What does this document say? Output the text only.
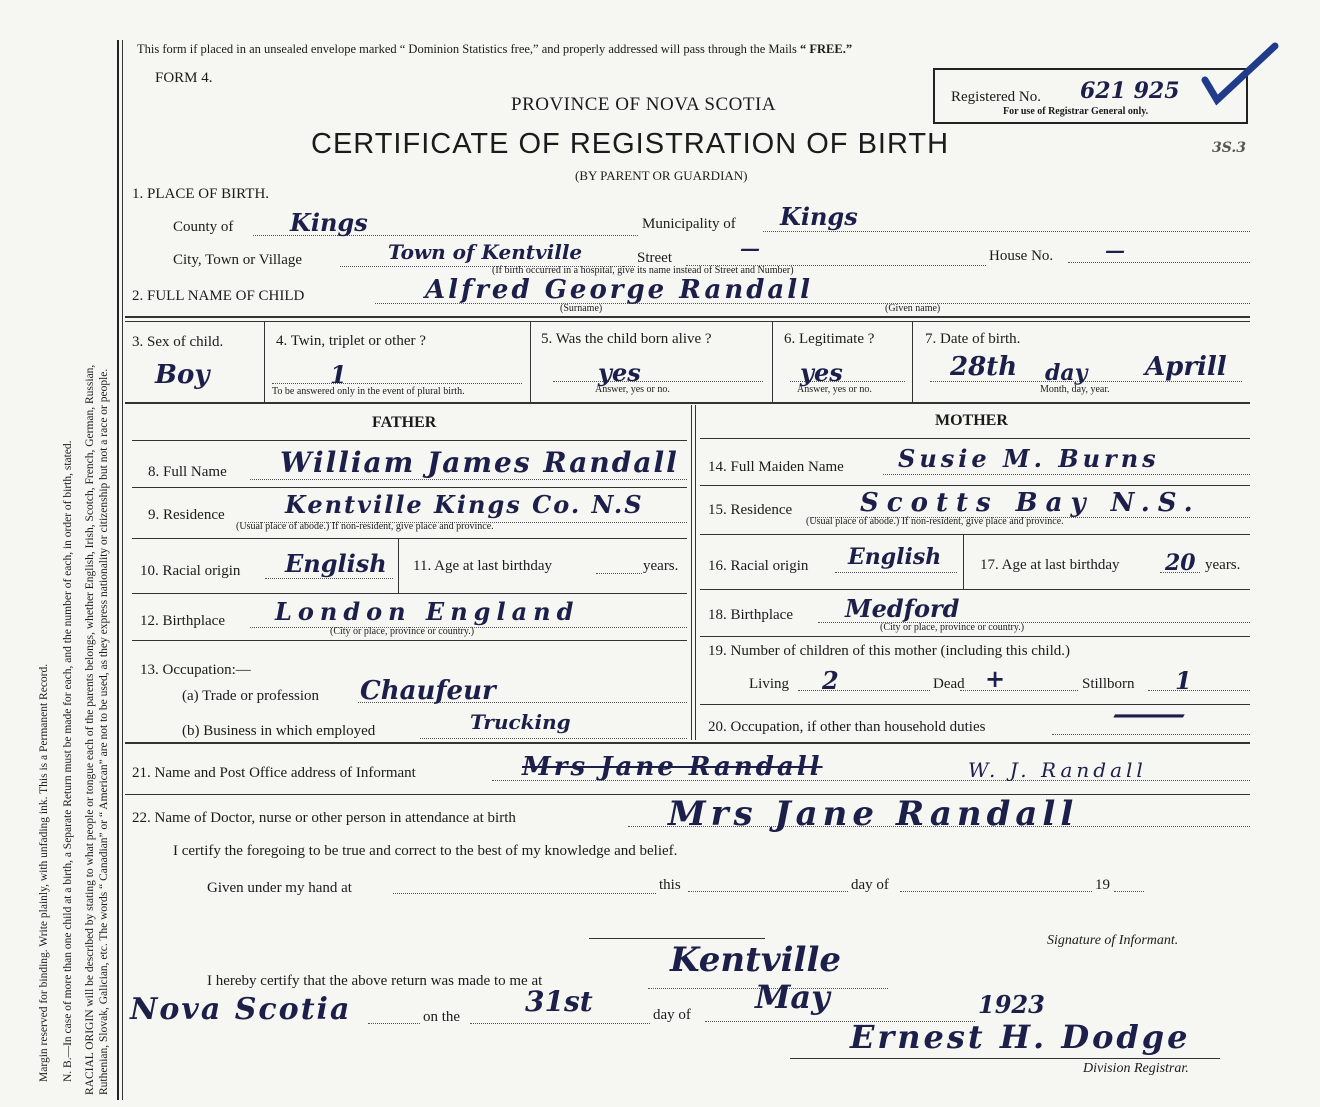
Margin reserved for binding. Write plainly, with unfading ink. This is a Permanent Record. N. B.—In case of more than one child at a birth, a Separate Return must be made for each, and the number of each, in order of birth, stated. RACIAL ORIGIN will be described by stating to what people or tongue each of the parents belongs, whether English, Irish, Scotch, French, German, Russian, Ruthenian, Slovak, Galician, etc. The words “ Canadian” or “ American” are not to be used, as they express nationality or citizenship but not a race or people.
This form if placed in an unsealed envelope marked “ Dominion Statistics free,” and properly addressed will pass through the Mails “ FREE.”
FORM 4.
Registered No. 621 925
For use of Registrar General only.
3S.3
PROVINCE OF NOVA SCOTIA
CERTIFICATE OF REGISTRATION OF BIRTH
(BY PARENT OR GUARDIAN)
1. PLACE OF BIRTH.
County of Kings	Municipality of Kings
City, Town or Village	Town of Kentville	Street	—	House No.	—
(If birth occurred in a hospital, give its name instead of Street and Number)
2. FULL NAME OF CHILD	Alfred George Randall
(Surname)	(Given name)
3. Sex of child.
Boy
4. Twin, triplet or other ?
1
To be answered only in the event of plural birth.
5. Was the child born alive ?
yes
Answer, yes or no.
6. Legitimate ?
yes
Answer, yes or no.
7. Date of birth.
28th day Aprill
Month, day, year.
FATHER	MOTHER
8. Full Name William James Randall
9. Residence	Kentville Kings Co. N.S
(Usual place of abode.) If non-resident, give place and province.
10. Racial origin English 11. Age at last birthday	years.
12. Birthplace London England
(City or place, province or country.)
13. Occupation:—
(a) Trade or profession Chaufeur
(b) Business in which employed	Trucking
14. Full Maiden Name Susie M. Burns
15. Residence	Scotts Bay N.S.
(Usual place of abode.) If non-resident, give place and province.
16. Racial origin English	17. Age at last birthday 20 years.
18. Birthplace Medford
(City or place, province or country.)
19. Number of children of this mother (including this child.)
Living 2	Dead +	Stillborn 1
20. Occupation, if other than household duties	—
21. Name and Post Office address of Informant	Mrs Jane Randall	W. J. Randall
22. Name of Doctor, nurse or other person in attendance at birth	Mrs Jane Randall
I certify the foregoing to be true and correct to the best of my knowledge and belief.
Given under my hand at	this	day of	19
Signature of Informant.
I hereby certify that the above return was made to me at
Kentville
Nova Scotia	on the 31st	day of May	1923
Ernest H. Dodge
Division Registrar.
